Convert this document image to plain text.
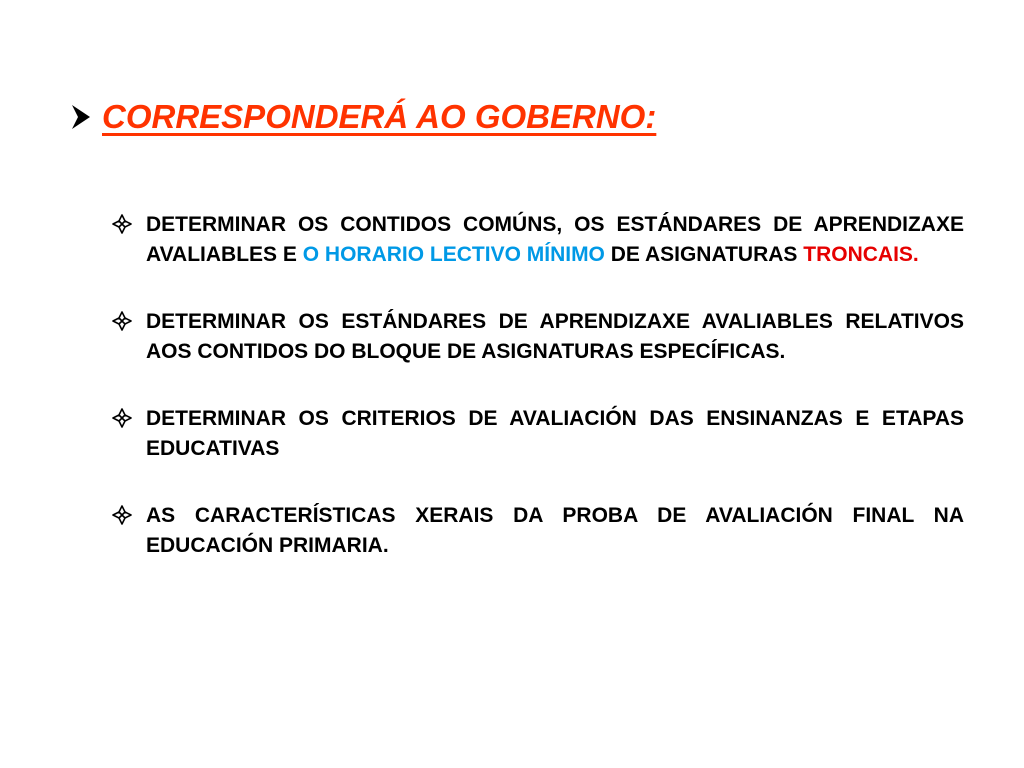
CORRESPONDERÁ AO GOBERNO:

DETERMINAR OS CONTIDOS COMÚNS, OS ESTÁNDARES DE APRENDIZAXE AVALIABLES E O HORARIO LECTIVO MÍNIMO DE ASIGNATURAS TRONCAIS.

DETERMINAR OS ESTÁNDARES DE APRENDIZAXE AVALIABLES RELATIVOS AOS CONTIDOS DO BLOQUE DE ASIGNATURAS ESPECÍFICAS.

DETERMINAR OS CRITERIOS DE AVALIACIÓN DAS ENSINANZAS E ETAPAS EDUCATIVAS

AS CARACTERÍSTICAS XERAIS DA PROBA DE AVALIACIÓN FINAL NA EDUCACIÓN PRIMARIA.
